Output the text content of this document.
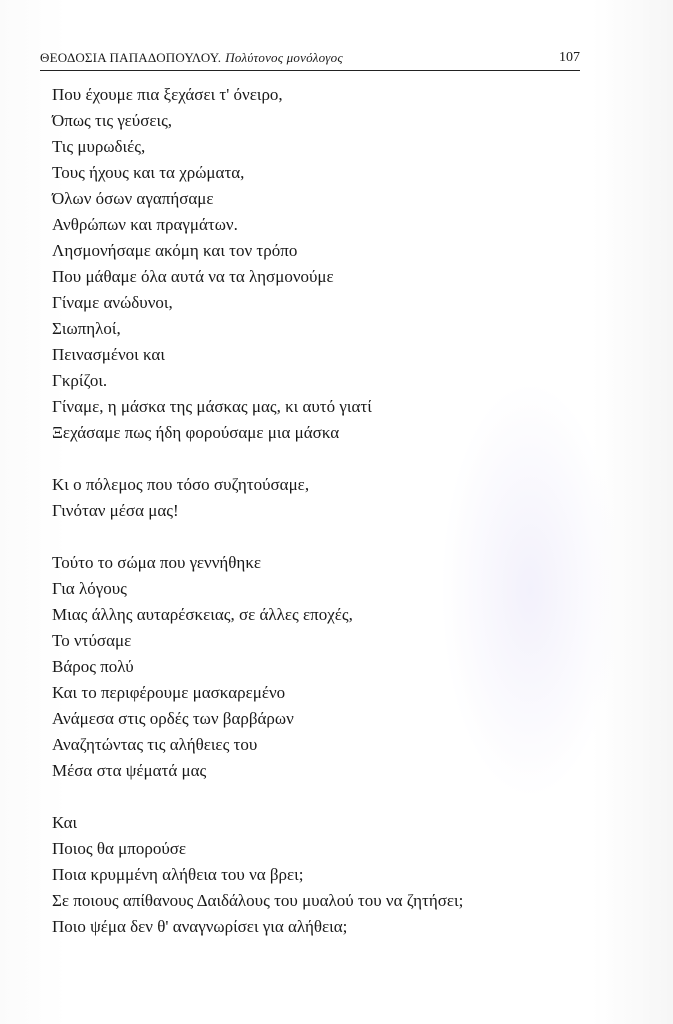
ΘΕΟΔΟΣΙΑ ΠΑΠΑΔΟΠΟΥΛΟΥ. Πολύτονος μονόλογος	107
Που έχουμε πια ξεχάσει τ' όνειρο,
Όπως τις γεύσεις,
Τις μυρωδιές,
Τους ήχους και τα χρώματα,
Όλων όσων αγαπήσαμε
Ανθρώπων και πραγμάτων.
Λησμονήσαμε ακόμη και τον τρόπο
Που μάθαμε όλα αυτά να τα λησμονούμε
Γίναμε ανώδυνοι,
Σιωπηλοί,
Πεινασμένοι και
Γκρίζοι.
Γίναμε, η μάσκα της μάσκας μας, κι αυτό γιατί
Ξεχάσαμε πως ήδη φορούσαμε μια μάσκα
Κι ο πόλεμος που τόσο συζητούσαμε,
Γινόταν μέσα μας!
Τούτο το σώμα που γεννήθηκε
Για λόγους
Μιας άλλης αυταρέσκειας, σε άλλες εποχές,
Το ντύσαμε
Βάρος πολύ
Και το περιφέρουμε μασκαρεμένο
Ανάμεσα στις ορδές των βαρβάρων
Αναζητώντας τις αλήθειες του
Μέσα στα ψέματά μας
Και
Ποιος θα μπορούσε
Ποια κρυμμένη αλήθεια του να βρει;
Σε ποιους απίθανους Δαιδάλους του μυαλού του να ζητήσει;
Ποιο ψέμα δεν θ' αναγνωρίσει για αλήθεια;
